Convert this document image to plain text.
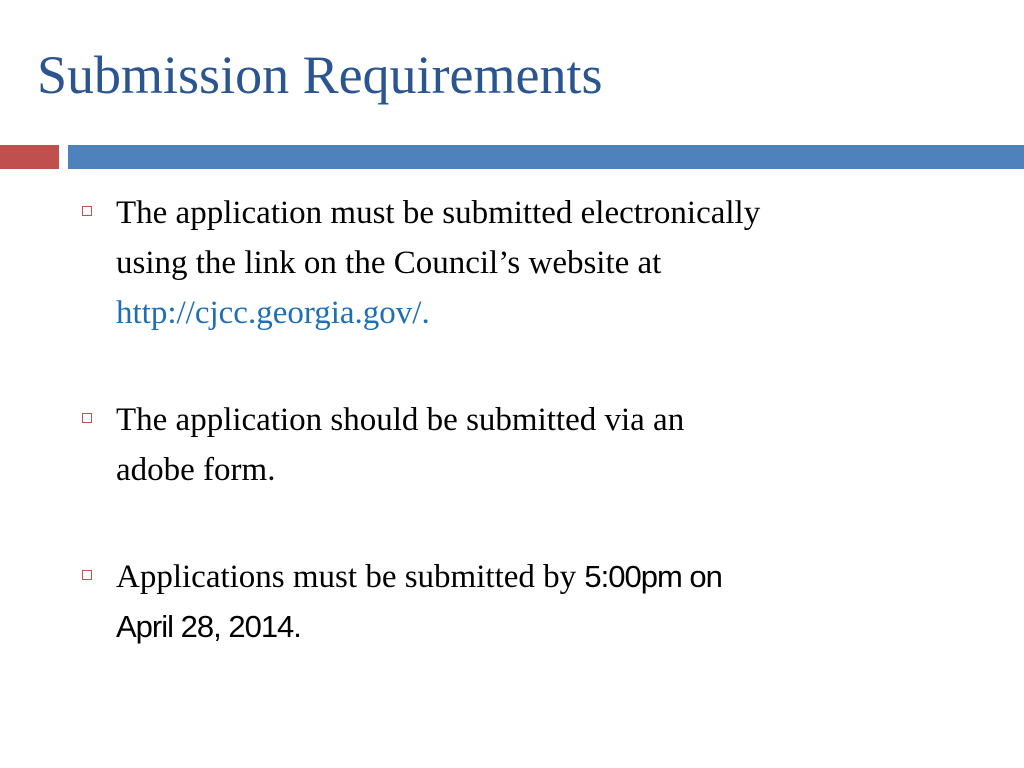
Submission Requirements
The application must be submitted electronically
using the link on the Council’s website at
http://cjcc.georgia.gov/.
The application should be submitted via an
adobe form.
Applications must be submitted by 5:00pm on
April 28, 2014.
